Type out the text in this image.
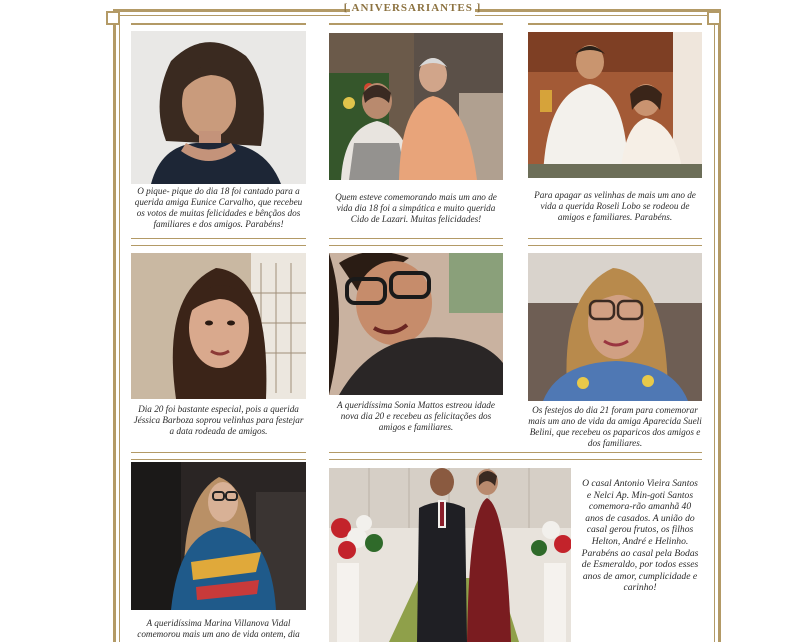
[ ANIVERSARIANTES ]
O pique- pique do dia 18 foi cantado para a querida amiga Eunice Carvalho, que recebeu os votos de muitas felicidades e bênçãos dos familiares e dos amigos. Parabéns!
Quem esteve comemorando mais um ano de vida dia 18 foi a simpática e muito querida Cido de Lazari. Muitas felicidades!
Para apagar as velinhas de mais um ano de vida a querida Roseli Lobo se rodeou de amigos e familiares. Parabéns.
Dia 20 foi bastante especial, pois a querida Jéssica Barboza soprou velinhas para festejar a data rodeada de amigos.
A queridíssima Sonia Mattos estreou idade nova dia 20 e recebeu as felicitações dos amigos e familiares.
Os festejos do dia 21 foram para comemorar mais um ano de vida da amiga Aparecida Sueli Belini, que recebeu os paparicos dos amigos e dos familiares.
A queridíssima Marina Villanova Vidal comemorou mais um ano de vida ontem, dia
O casal Antonio Vieira Santos e Nelci Ap. Min-goti Santos comemora-rão amanhã 40 anos de casados. A união do casal gerou frutos, os filhos Helton, André e Helinho. Parabéns ao casal pela Bodas de Esmeraldo, por todos esses anos de amor, cumplicidade e carinho!
